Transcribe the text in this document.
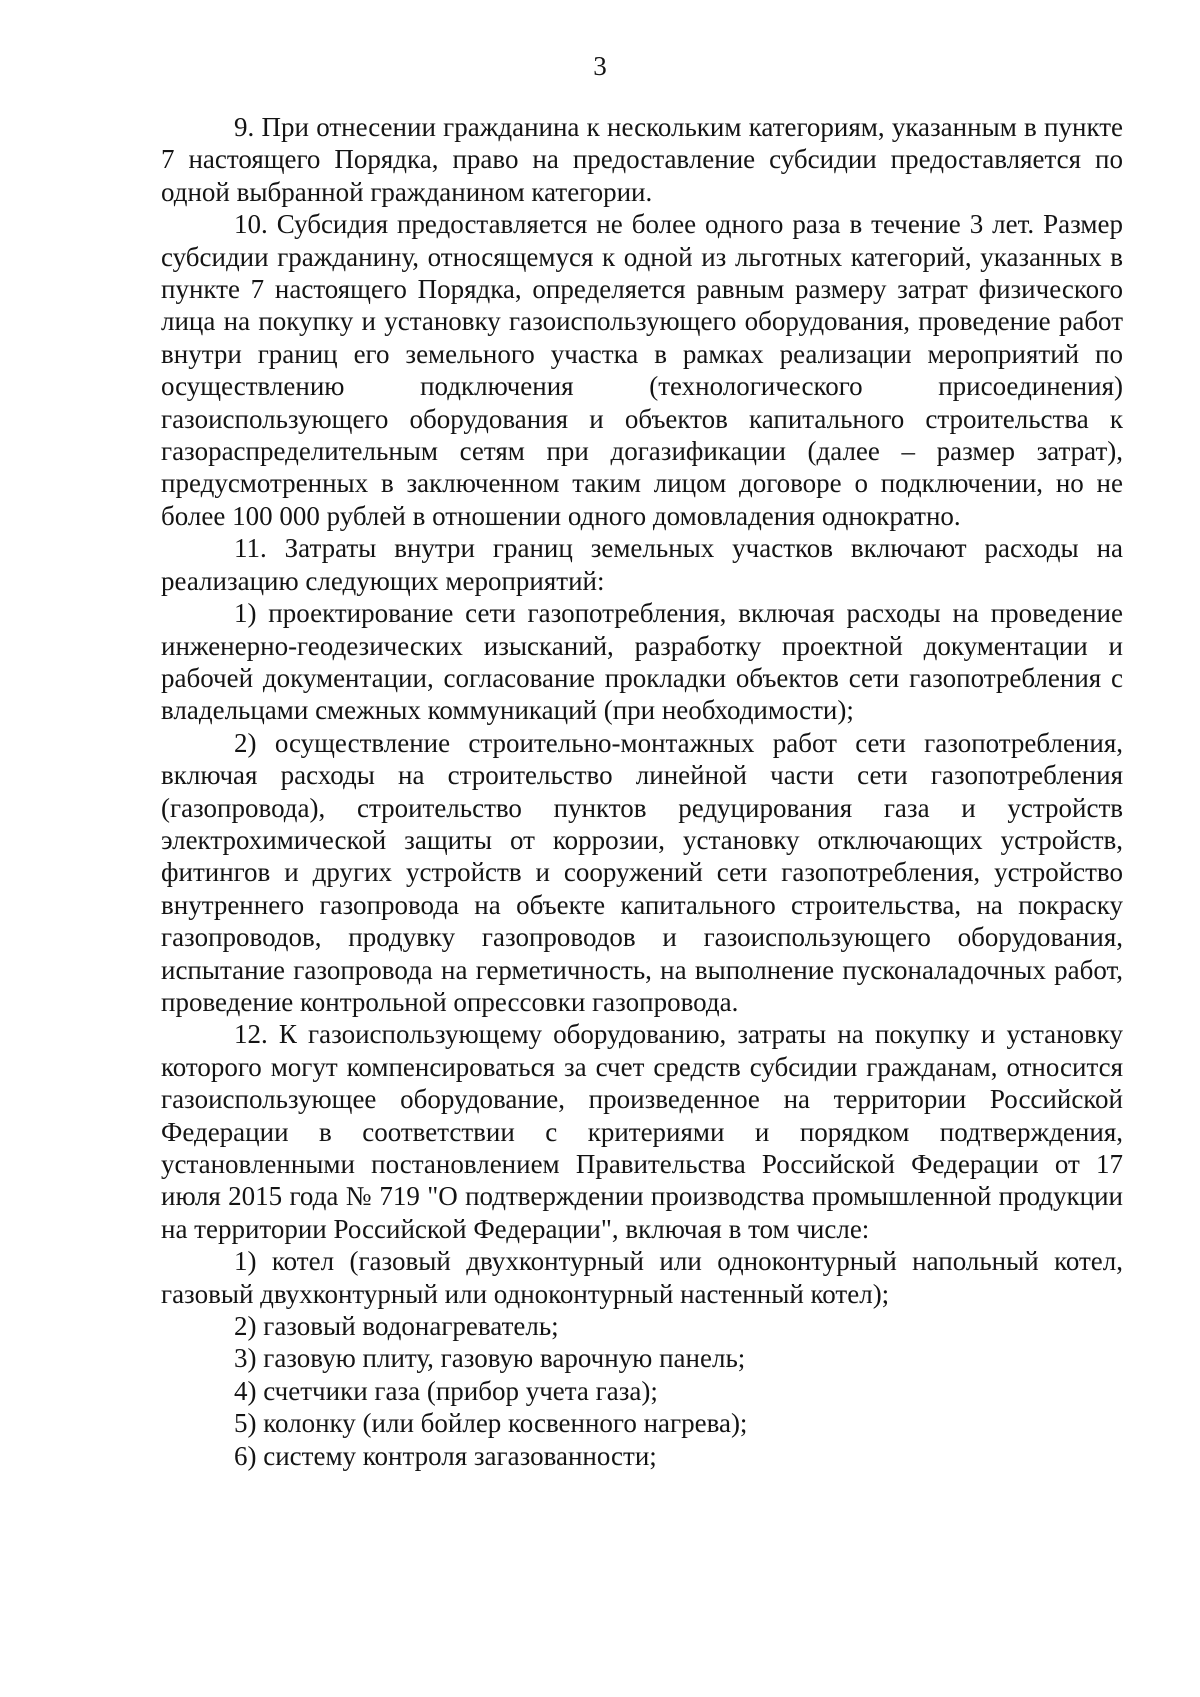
3

9. При отнесении гражданина к нескольким категориям, указанным в пункте 7 настоящего Порядка, право на предоставление субсидии предоставляется по одной выбранной гражданином категории.

10. Субсидия предоставляется не более одного раза в течение 3 лет. Размер субсидии гражданину, относящемуся к одной из льготных категорий, указанных в пункте 7 настоящего Порядка, определяется равным размеру затрат физического лица на покупку и установку газоиспользующего оборудования, проведение работ внутри границ его земельного участка в рамках реализации мероприятий по осуществлению подключения (технологического присоединения) газоиспользующего оборудования и объектов капитального строительства к газораспределительным сетям при догазификации (далее – размер затрат), предусмотренных в заключенном таким лицом договоре о подключении, но не более 100 000 рублей в отношении одного домовладения однократно.

11. Затраты внутри границ земельных участков включают расходы на реализацию следующих мероприятий:

1) проектирование сети газопотребления, включая расходы на проведение инженерно-геодезических изысканий, разработку проектной документации и рабочей документации, согласование прокладки объектов сети газопотребления с владельцами смежных коммуникаций (при необходимости);

2) осуществление строительно-монтажных работ сети газопотребления, включая расходы на строительство линейной части сети газопотребления (газопровода), строительство пунктов редуцирования газа и устройств электрохимической защиты от коррозии, установку отключающих устройств, фитингов и других устройств и сооружений сети газопотребления, устройство внутреннего газопровода на объекте капитального строительства, на покраску газопроводов, продувку газопроводов и газоиспользующего оборудования, испытание газопровода на герметичность, на выполнение пусконаладочных работ, проведение контрольной опрессовки газопровода.

12. К газоиспользующему оборудованию, затраты на покупку и установку которого могут компенсироваться за счет средств субсидии гражданам, относится газоиспользующее оборудование, произведенное на территории Российской Федерации в соответствии с критериями и порядком подтверждения, установленными постановлением Правительства Российской Федерации от 17 июля 2015 года № 719 "О подтверждении производства промышленной продукции на территории Российской Федерации", включая в том числе:

1) котел (газовый двухконтурный или одноконтурный напольный котел, газовый двухконтурный или одноконтурный настенный котел);

2) газовый водонагреватель;

3) газовую плиту, газовую варочную панель;

4) счетчики газа (прибор учета газа);

5) колонку (или бойлер косвенного нагрева);

6) систему контроля загазованности;
